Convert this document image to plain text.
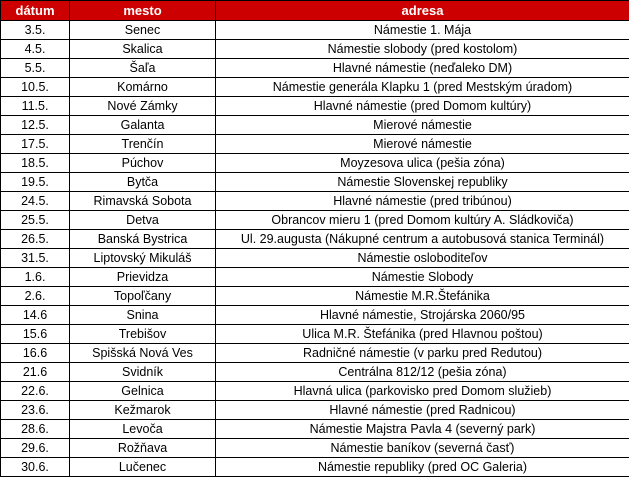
dátum	mesto	adresa
3.5.	Senec	Námestie 1. Mája
4.5.	Skalica	Námestie slobody (pred kostolom)
5.5.	Šaľa	Hlavné námestie (neďaleko DM)
10.5.	Komárno	Námestie generála Klapku 1 (pred Mestským úradom)
11.5.	Nové Zámky	Hlavné námestie (pred Domom kultúry)
12.5.	Galanta	Mierové námestie
17.5.	Trenčín	Mierové námestie
18.5.	Púchov	Moyzesova ulica (pešia zóna)
19.5.	Bytča	Námestie Slovenskej republiky
24.5.	Rimavská Sobota	Hlavné námestie (pred tribúnou)
25.5.	Detva	Obrancov mieru 1 (pred Domom kultúry A. Sládkoviča)
26.5.	Banská Bystrica	Ul. 29.augusta (Nákupné centrum a autobusová stanica Terminál)
31.5.	Liptovský Mikuláš	Námestie osloboditeľov
1.6.	Prievidza	Námestie Slobody
2.6.	Topoľčany	Námestie M.R.Štefánika
14.6	Snina	Hlavné námestie, Strojárska 2060/95
15.6	Trebišov	Ulica M.R. Štefánika (pred Hlavnou poštou)
16.6	Spišská Nová Ves	Radničné námestie (v parku pred Redutou)
21.6	Svidník	Centrálna 812/12 (pešia zóna)
22.6.	Gelnica	Hlavná ulica (parkovisko pred Domom služieb)
23.6.	Kežmarok	Hlavné námestie (pred Radnicou)
28.6.	Levoča	Námestie Majstra Pavla 4 (severný park)
29.6.	Rožňava	Námestie baníkov (severná časť)
30.6.	Lučenec	Námestie republiky (pred OC Galeria)
